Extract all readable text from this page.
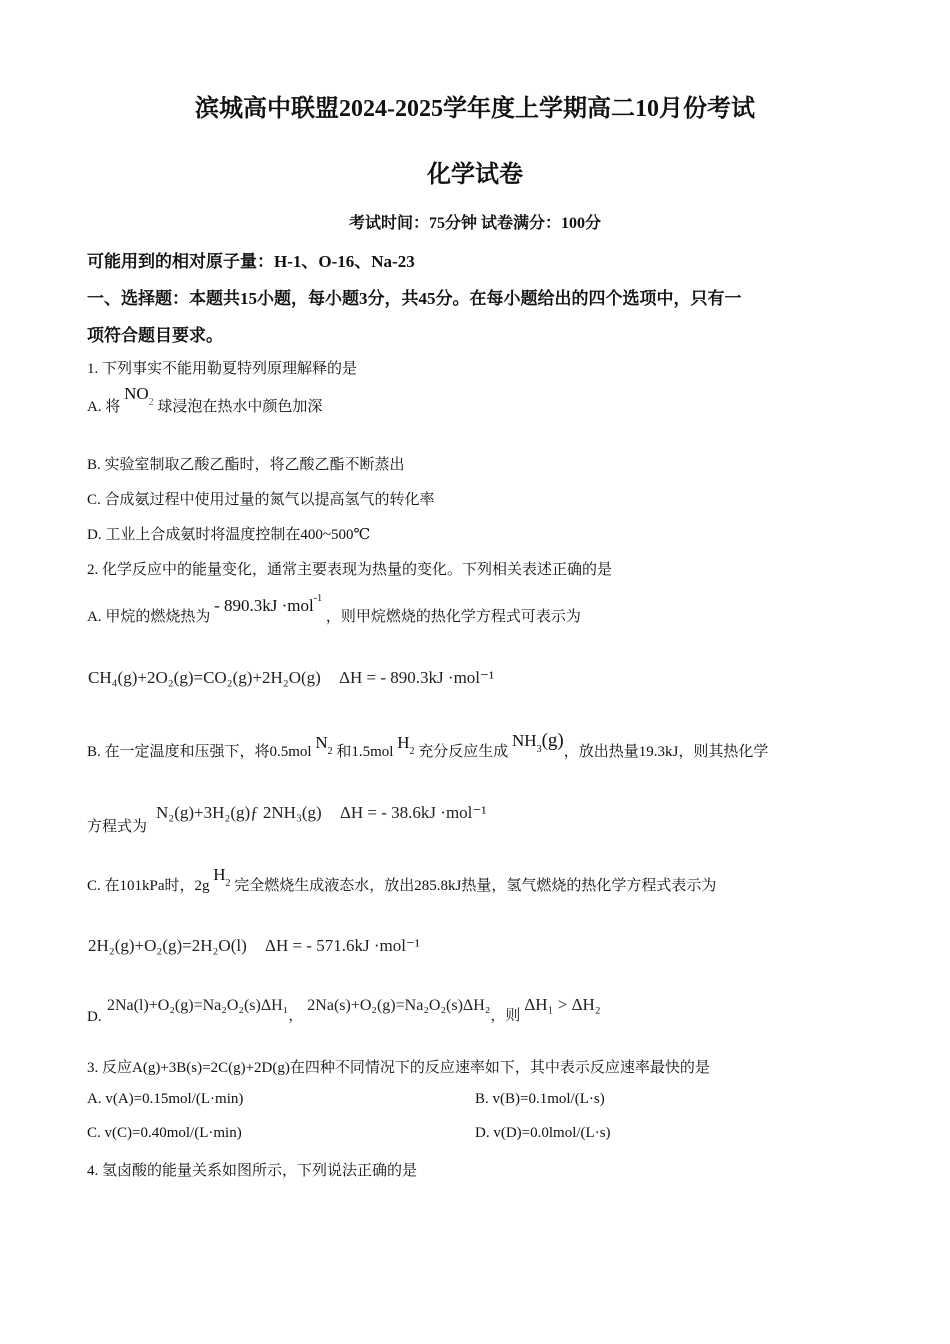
滨城高中联盟2024-2025学年度上学期高二10月份考试
化学试卷
考试时间：75分钟 试卷满分：100分
可能用到的相对原子量：H-1、O-16、Na-23
一、选择题：本题共15小题，每小题3分，共45分。在每小题给出的四个选项中，只有一
项符合题目要求。
1. 下列事实不能用勒夏特列原理解释的是
A. 将 $NO_2$ 球浸泡在热水中颜色加深
B. 实验室制取乙酸乙酯时，将乙酸乙酯不断蒸出
C. 合成氨过程中使用过量的氮气以提高氢气的转化率
D. 工业上合成氨时将温度控制在400~500℃
2. 化学反应中的能量变化，通常主要表现为热量的变化。下列相关表述正确的是
A. 甲烷的燃烧热为 - 890.3kJ ·mol$^{-1}$ ，则甲烷燃烧的热化学方程式可表示为
CH₄(g)+2O₂(g)=CO₂(g)+2H₂O(g) ΔH = - 890.3kJ ·mol⁻¹
B. 在一定温度和压强下，将0.5mol $N_2$ 和1.5mol $H_2$ 充分反应生成 $NH_3(g)$，放出热量19.3kJ，则其热化学
方程式为
N₂(g)+3H₂(g)ƒ 2NH₃(g) ΔH = - 38.6kJ ·mol⁻¹
C. 在101kPa时，2g $H_2$ 完全燃烧生成液态水，放出285.8kJ热量，氢气燃烧的热化学方程式表示为
2H₂(g)+O₂(g)=2H₂O(l) ΔH = - 571.6kJ ·mol⁻¹
D.
2Na(l)+O₂(g)=Na₂O₂(s)ΔH₁， 2Na(s)+O₂(g)=Na₂O₂(s)ΔH₂，则 ΔH₁ > ΔH₂
3. 反应A(g)+3B(s)=2C(g)+2D(g)在四种不同情况下的反应速率如下，其中表示反应速率最快的是
A. v(A)=0.15mol/(L·min)	B. v(B)=0.1mol/(L·s)
C. v(C)=0.40mol/(L·min)	D. v(D)=0.0lmol/(L·s)
4. 氢卤酸的能量关系如图所示，下列说法正确的是
